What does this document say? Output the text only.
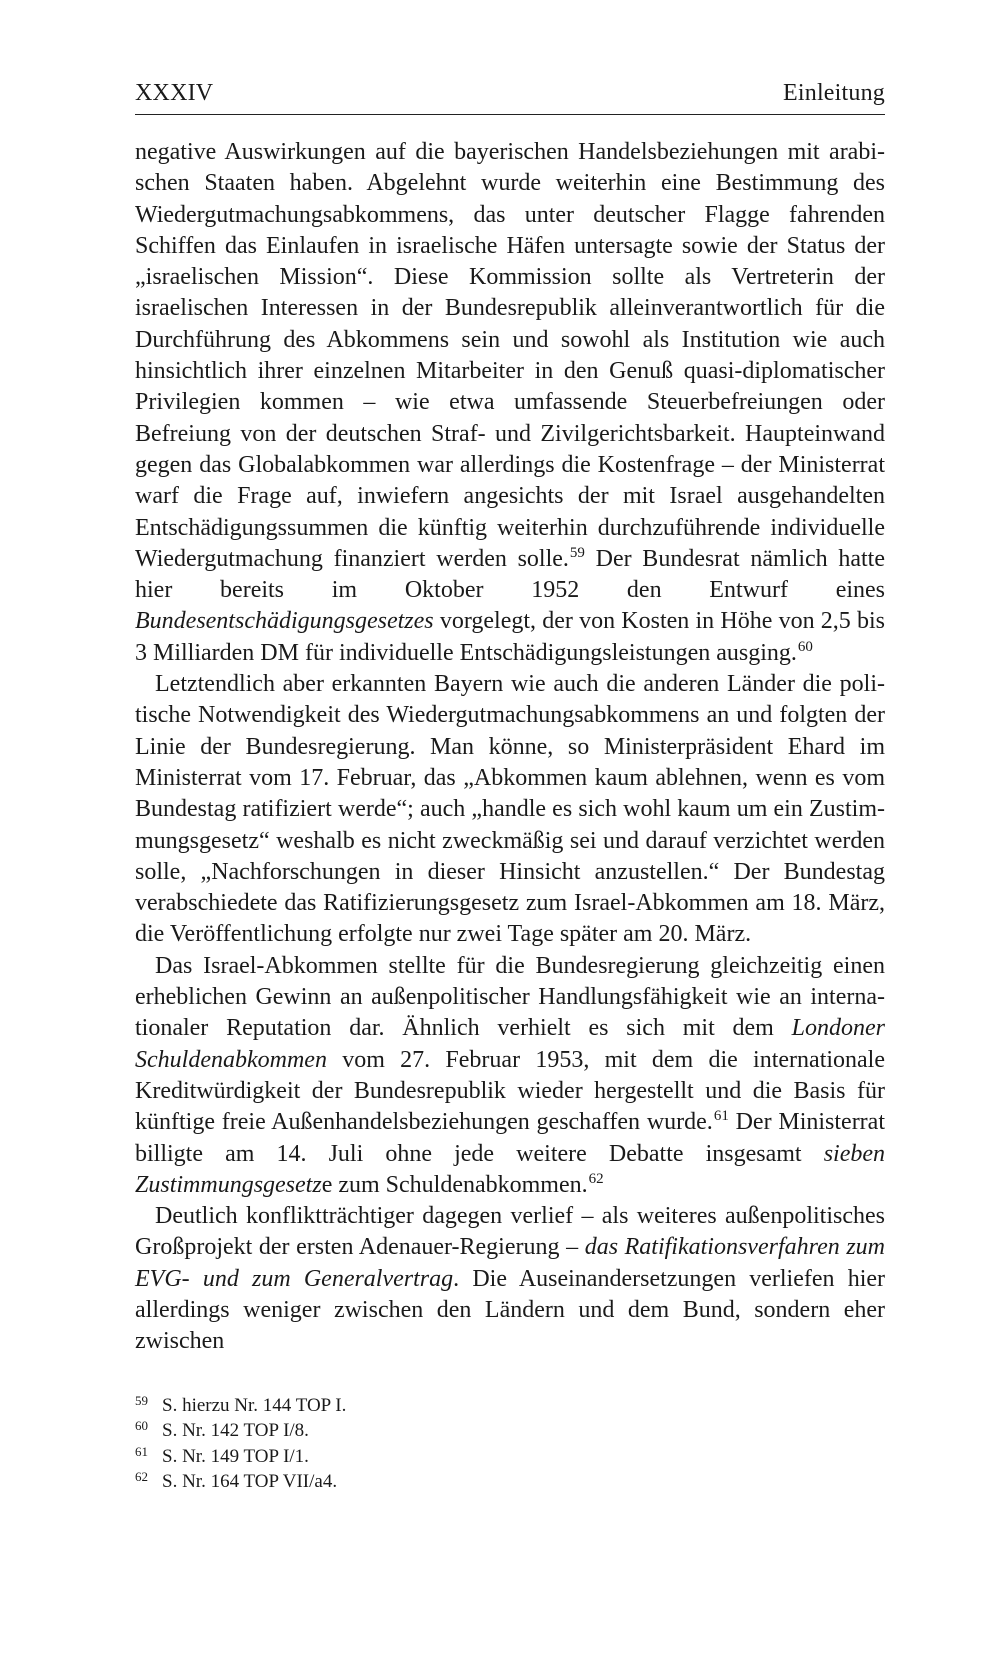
XXXIV	Einleitung

negative Auswirkungen auf die bayerischen Handelsbeziehungen mit arabischen Staaten haben. Abgelehnt wurde weiterhin eine Bestimmung des Wiedergutmachungsabkommens, das unter deutscher Flagge fahrenden Schiffen das Einlaufen in israelische Häfen untersagte sowie der Status der „israelischen Mission“. Diese Kommission sollte als Vertreterin der israelischen Interessen in der Bundesrepublik alleinverantwortlich für die Durchführung des Abkommens sein und sowohl als Institution wie auch hinsichtlich ihrer einzelnen Mitarbeiter in den Genuß quasi-diplomatischer Privilegien kommen – wie etwa umfassende Steuerbefreiungen oder Befreiung von der deutschen Straf- und Zivilgerichtsbarkeit. Haupteinwand gegen das Globalabkommen war allerdings die Kostenfrage – der Ministerrat warf die Frage auf, inwiefern angesichts der mit Israel ausgehandelten Entschädigungssummen die künftig weiterhin durchzuführende individuelle Wiedergutmachung finanziert werden solle.$^{59}$ Der Bundesrat nämlich hatte hier bereits im Oktober 1952 den Entwurf eines Bundesentschädigungsgesetzes vorgelegt, der von Kosten in Höhe von 2,5 bis 3 Milliarden DM für individuelle Entschädigungsleistungen ausging.$^{60}$

Letztendlich aber erkannten Bayern wie auch die anderen Länder die politische Notwendigkeit des Wiedergutmachungsabkommens an und folgten der Linie der Bundesregierung. Man könne, so Ministerpräsident Ehard im Ministerrat vom 17. Februar, das „Abkommen kaum ablehnen, wenn es vom Bundestag ratifiziert werde“; auch „handle es sich wohl kaum um ein Zustimmungsgesetz“ weshalb es nicht zweckmäßig sei und darauf verzichtet werden solle, „Nachforschungen in dieser Hinsicht anzustellen.“ Der Bundestag verabschiedete das Ratifizierungsgesetz zum Israel-Abkommen am 18. März, die Veröffentlichung erfolgte nur zwei Tage später am 20. März.

Das Israel-Abkommen stellte für die Bundesregierung gleichzeitig einen erheblichen Gewinn an außenpolitischer Handlungsfähigkeit wie an internationaler Reputation dar. Ähnlich verhielt es sich mit dem Londoner Schuldenabkommen vom 27. Februar 1953, mit dem die internationale Kreditwürdigkeit der Bundesrepublik wieder hergestellt und die Basis für künftige freie Außenhandelsbeziehungen geschaffen wurde.$^{61}$ Der Ministerrat billigte am 14. Juli ohne jede weitere Debatte insgesamt sieben Zustimmungsgesetze zum Schuldenabkommen.$^{62}$

Deutlich konfliktträchtiger dagegen verlief – als weiteres außenpolitisches Großprojekt der ersten Adenauer-Regierung – das Ratifikationsverfahren zum EVG- und zum Generalvertrag. Die Auseinandersetzungen verliefen hier allerdings weniger zwischen den Ländern und dem Bund, sondern eher zwischen

59 S. hierzu Nr. 144 TOP I.
60 S. Nr. 142 TOP I/8.
61 S. Nr. 149 TOP I/1.
62 S. Nr. 164 TOP VII/a4.
